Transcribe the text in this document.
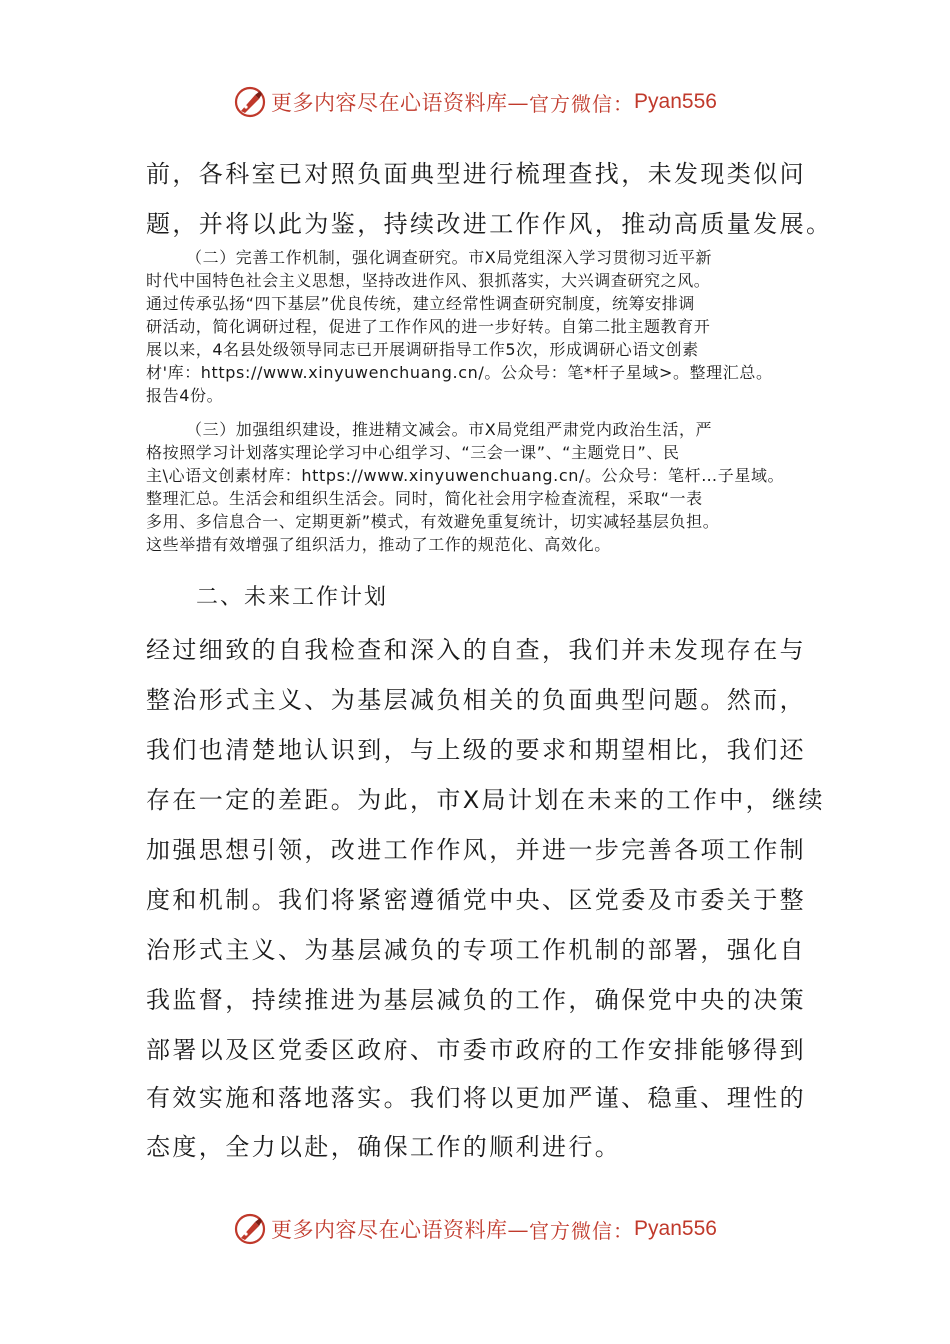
更多内容尽在心语资料库— 官方微信： Pyan556
前，各科室已对照负面典型进行梳理查找，未发现类似问
题，并将以此为鉴，持续改进工作作风，推动高质量发展。
（二）完善工作机制，强化调查研究。市X局党组深入学习贯彻习近平新
时代中国特色社会主义思想，坚持改进作风、狠抓落实，大兴调查研究之风。
通过传承弘扬“四下基层”优良传统，建立经常性调查研究制度，统筹安排调
研活动，简化调研过程，促进了工作作风的进一步好转。自第二批主题教育开
展以来，4名县处级领导同志已开展调研指导工作5次，形成调研心语文创素
材'库：https://www.xinyuwenchuang.cn/。公众号：笔*杆子星域>。整理汇总。
报告4份。
（三）加强组织建设，推进精文减会。市X局党组严肃党内政治生活，严
格按照学习计划落实理论学习中心组学习、“三会一课”、“主题党日”、民
主\心语文创素材库：https://www.xinyuwenchuang.cn/。公众号：笔杆…子星域。
整理汇总。生活会和组织生活会。同时，简化社会用字检查流程，采取“一表
多用、多信息合一、定期更新”模式，有效避免重复统计，切实减轻基层负担。
这些举措有效增强了组织活力，推动了工作的规范化、高效化。
二、未来工作计划
经过细致的自我检查和深入的自查，我们并未发现存在与
整治形式主义、为基层减负相关的负面典型问题。然而，
我们也清楚地认识到，与上级的要求和期望相比，我们还
存在一定的差距。为此，市X局计划在未来的工作中，继续
加强思想引领，改进工作作风，并进一步完善各项工作制
度和机制。我们将紧密遵循党中央、区党委及市委关于整
治形式主义、为基层减负的专项工作机制的部署，强化自
我监督，持续推进为基层减负的工作，确保党中央的决策
部署以及区党委区政府、市委市政府的工作安排能够得到
有效实施和落地落实。我们将以更加严谨、稳重、理性的
态度，全力以赴，确保工作的顺利进行。
更多内容尽在心语资料库— 官方微信： Pyan556
